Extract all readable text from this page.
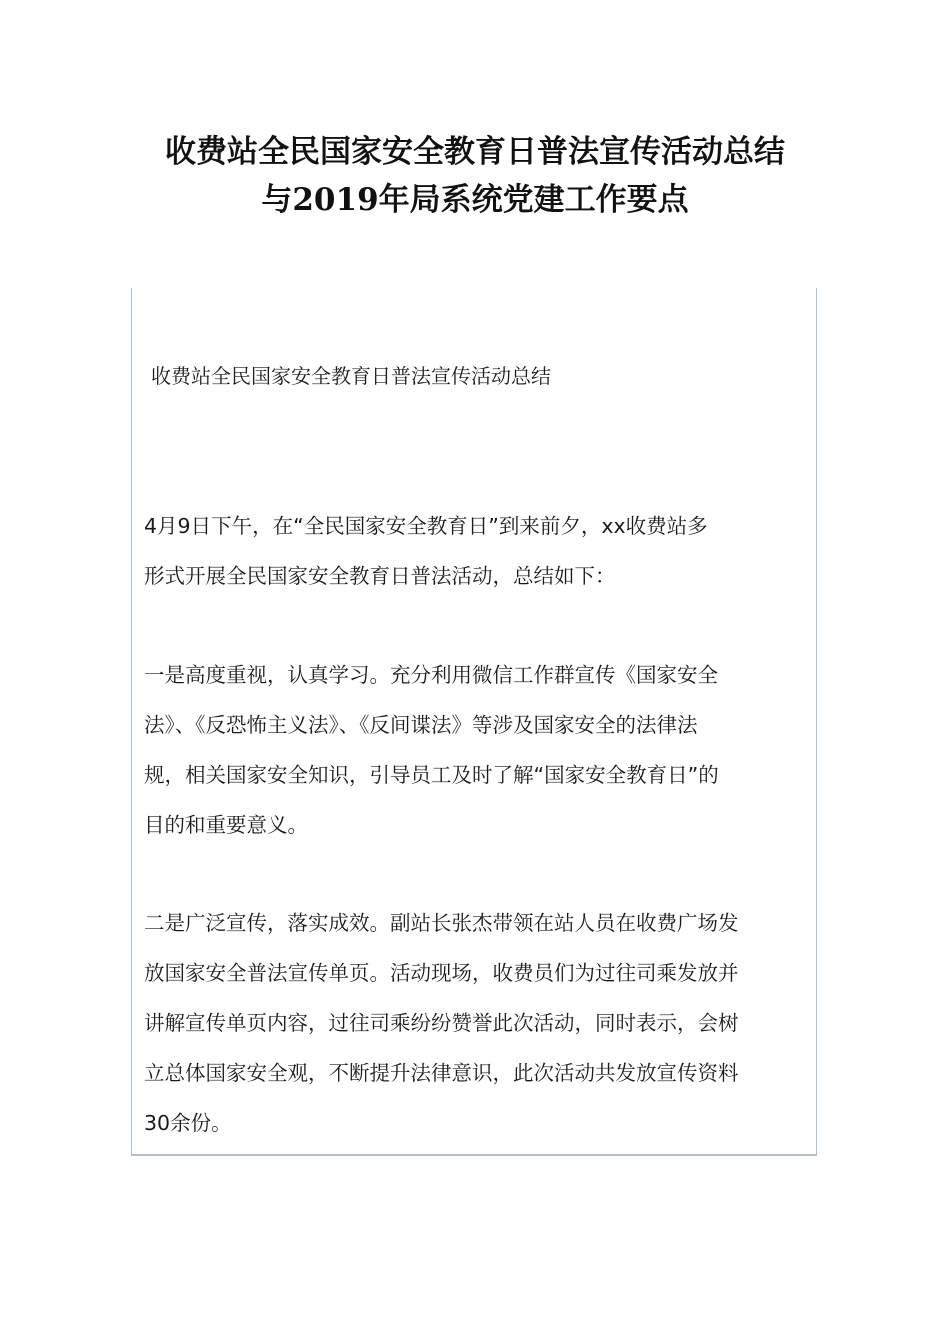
收费站全民国家安全教育日普法宣传活动总结
与2019年局系统党建工作要点
收费站全民国家安全教育日普法宣传活动总结

4月9日下午，在“全民国家安全教育日”到来前夕，xx收费站多
形式开展全民国家安全教育日普法活动，总结如下：

一是高度重视，认真学习。充分利用微信工作群宣传《国家安全
法》、《反恐怖主义法》、《反间谍法》等涉及国家安全的法律法
规，相关国家安全知识，引导员工及时了解“国家安全教育日”的
目的和重要意义。

二是广泛宣传，落实成效。副站长张杰带领在站人员在收费广场发
放国家安全普法宣传单页。活动现场，收费员们为过往司乘发放并
讲解宣传单页内容，过往司乘纷纷赞誉此次活动，同时表示，会树
立总体国家安全观，不断提升法律意识，此次活动共发放宣传资料
30余份。
